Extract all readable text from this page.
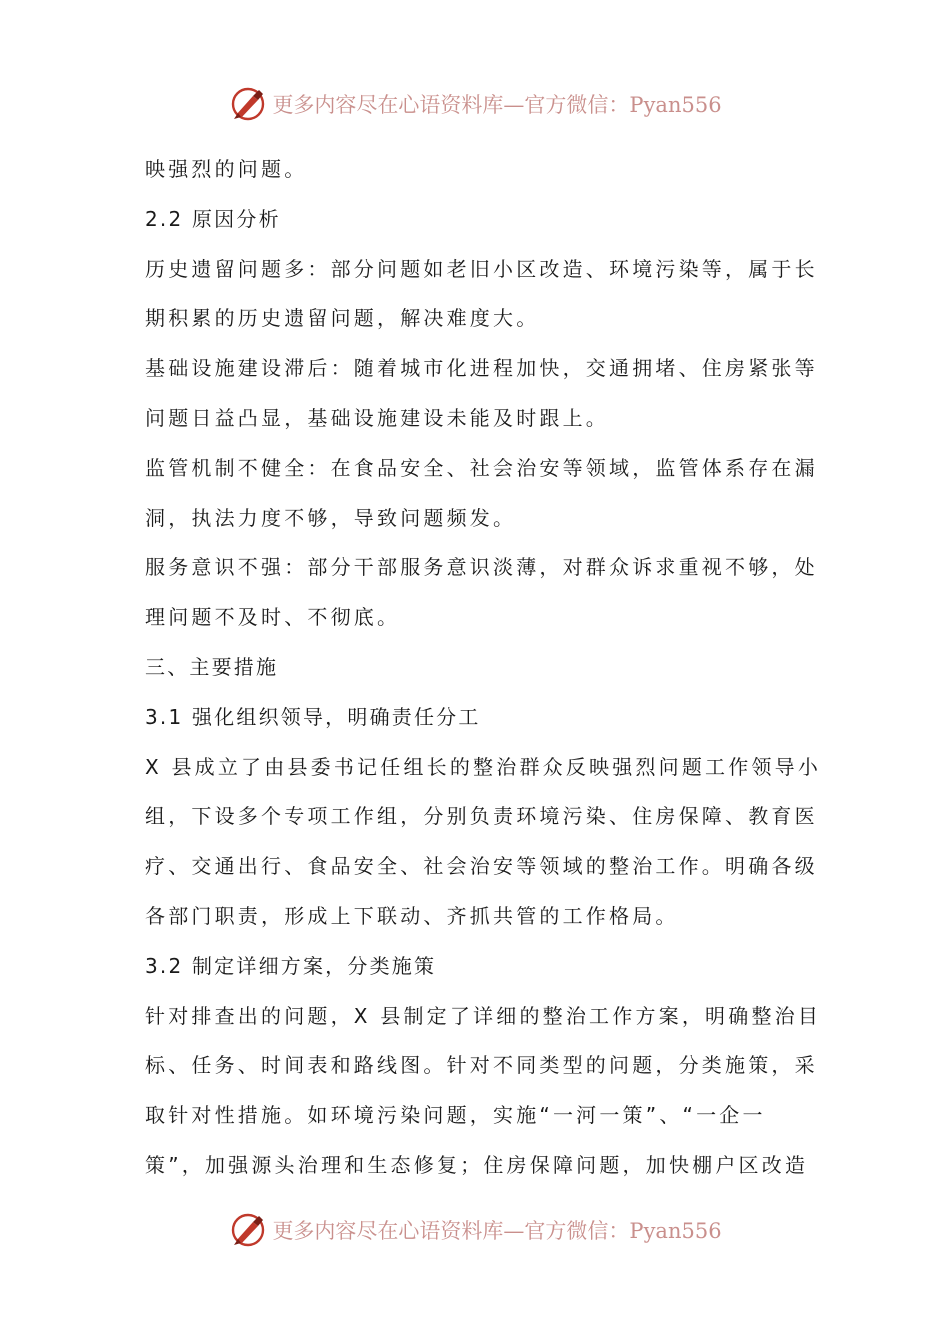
更多内容尽在心语资料库—官方微信：Pyan556
映强烈的问题。
2.2 原因分析
历史遗留问题多：部分问题如老旧小区改造、环境污染等，属于长
期积累的历史遗留问题，解决难度大。
基础设施建设滞后：随着城市化进程加快，交通拥堵、住房紧张等
问题日益凸显，基础设施建设未能及时跟上。
监管机制不健全：在食品安全、社会治安等领域，监管体系存在漏
洞，执法力度不够，导致问题频发。
服务意识不强：部分干部服务意识淡薄，对群众诉求重视不够，处
理问题不及时、不彻底。
三、主要措施
3.1 强化组织领导，明确责任分工
X 县成立了由县委书记任组长的整治群众反映强烈问题工作领导小
组，下设多个专项工作组，分别负责环境污染、住房保障、教育医
疗、交通出行、食品安全、社会治安等领域的整治工作。明确各级
各部门职责，形成上下联动、齐抓共管的工作格局。
3.2 制定详细方案，分类施策
针对排查出的问题，X 县制定了详细的整治工作方案，明确整治目
标、任务、时间表和路线图。针对不同类型的问题，分类施策，采
取针对性措施。如环境污染问题，实施“一河一策”、“一企一
策”，加强源头治理和生态修复；住房保障问题，加快棚户区改造
更多内容尽在心语资料库—官方微信：Pyan556
